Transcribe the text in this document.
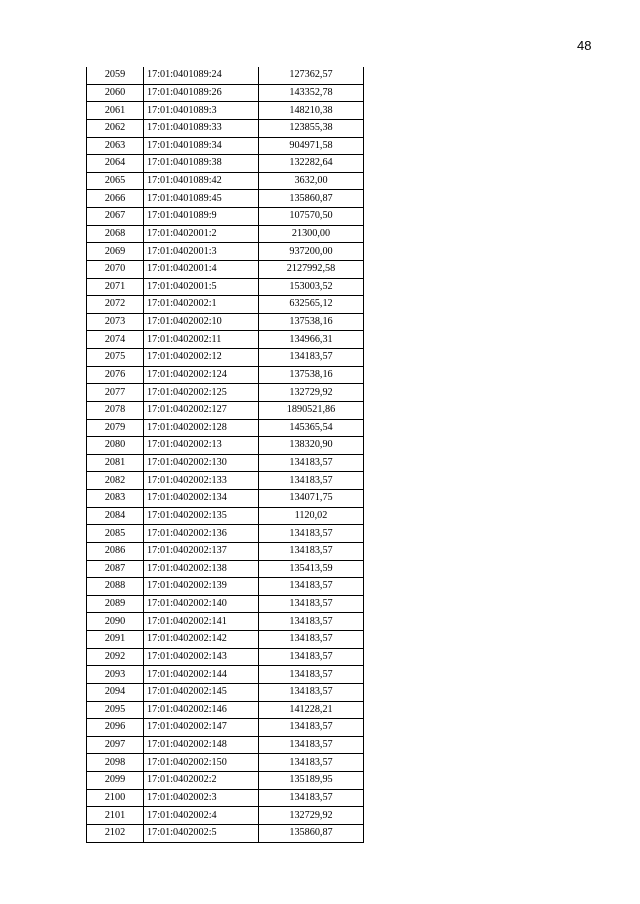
48
2059	17:01:0401089:24	127362,57
2060	17:01:0401089:26	143352,78
2061	17:01:0401089:3	148210,38
2062	17:01:0401089:33	123855,38
2063	17:01:0401089:34	904971,58
2064	17:01:0401089:38	132282,64
2065	17:01:0401089:42	3632,00
2066	17:01:0401089:45	135860,87
2067	17:01:0401089:9	107570,50
2068	17:01:0402001:2	21300,00
2069	17:01:0402001:3	937200,00
2070	17:01:0402001:4	2127992,58
2071	17:01:0402001:5	153003,52
2072	17:01:0402002:1	632565,12
2073	17:01:0402002:10	137538,16
2074	17:01:0402002:11	134966,31
2075	17:01:0402002:12	134183,57
2076	17:01:0402002:124	137538,16
2077	17:01:0402002:125	132729,92
2078	17:01:0402002:127	1890521,86
2079	17:01:0402002:128	145365,54
2080	17:01:0402002:13	138320,90
2081	17:01:0402002:130	134183,57
2082	17:01:0402002:133	134183,57
2083	17:01:0402002:134	134071,75
2084	17:01:0402002:135	1120,02
2085	17:01:0402002:136	134183,57
2086	17:01:0402002:137	134183,57
2087	17:01:0402002:138	135413,59
2088	17:01:0402002:139	134183,57
2089	17:01:0402002:140	134183,57
2090	17:01:0402002:141	134183,57
2091	17:01:0402002:142	134183,57
2092	17:01:0402002:143	134183,57
2093	17:01:0402002:144	134183,57
2094	17:01:0402002:145	134183,57
2095	17:01:0402002:146	141228,21
2096	17:01:0402002:147	134183,57
2097	17:01:0402002:148	134183,57
2098	17:01:0402002:150	134183,57
2099	17:01:0402002:2	135189,95
2100	17:01:0402002:3	134183,57
2101	17:01:0402002:4	132729,92
2102	17:01:0402002:5	135860,87
